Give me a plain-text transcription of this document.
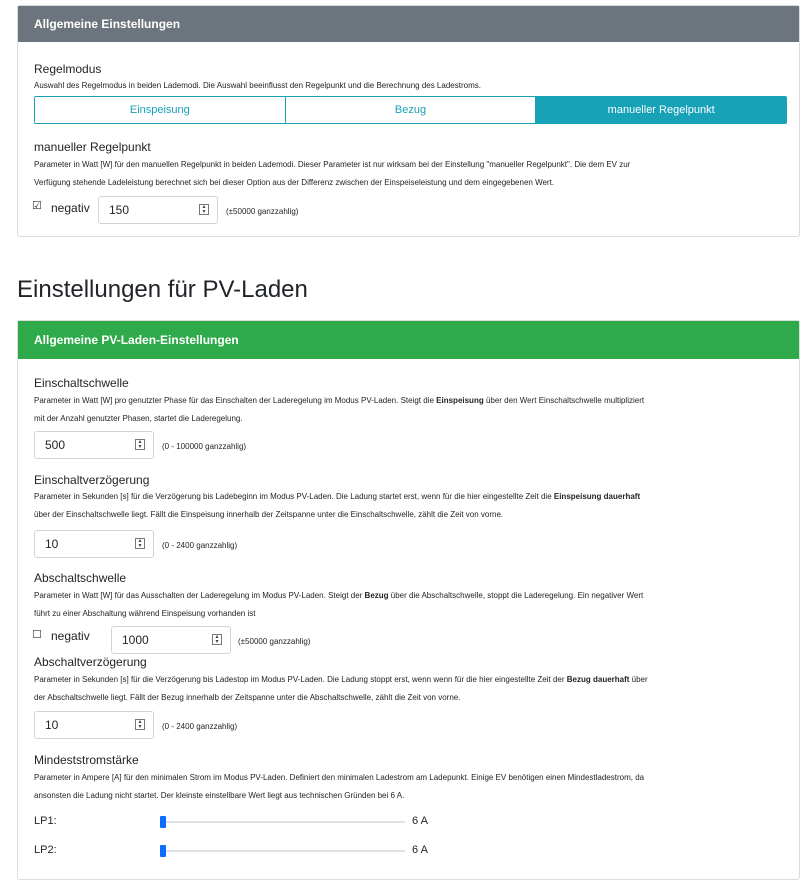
Allgemeine Einstellungen
Regelmodus
Auswahl des Regelmodus in beiden Lademodi. Die Auswahl beeinflusst den Regelpunkt und die Berechnung des Ladestroms.
Einspeisung	Bezug	manueller Regelpunkt
manueller Regelpunkt
Parameter in Watt [W] für den manuellen Regelpunkt in beiden Lademodi. Dieser Parameter ist nur wirksam bei der Einstellung "manueller Regelpunkt". Die dem EV zur
Verfügung stehende Ladeleistung berechnet sich bei dieser Option aus der Differenz zwischen der Einspeiseleistung und dem eingegebenen Wert.
☑ negativ	150	▴
▾	(±50000 ganzzahlig)
Einstellungen für PV-Laden
Allgemeine PV-Laden-Einstellungen
Einschaltschwelle
Parameter in Watt [W] pro genutzter Phase für das Einschalten der Laderegelung im Modus PV-Laden. Steigt die Einspeisung über den Wert Einschaltschwelle multipliziert
mit der Anzahl genutzter Phasen, startet die Laderegelung.
500	▴
▾	(0 - 100000 ganzzahlig)
Einschaltverzögerung
Parameter in Sekunden [s] für die Verzögerung bis Ladebeginn im Modus PV-Laden. Die Ladung startet erst, wenn für die hier eingestellte Zeit die Einspeisung dauerhaft
über der Einschaltschwelle liegt. Fällt die Einspeisung innerhalb der Zeitspanne unter die Einschaltschwelle, zählt die Zeit von vorne.
10	▴
▾	(0 - 2400 ganzzahlig)
Abschaltschwelle
Parameter in Watt [W] für das Ausschalten der Laderegelung im Modus PV-Laden. Steigt der Bezug über die Abschaltschwelle, stoppt die Laderegelung. Ein negativer Wert
führt zu einer Abschaltung während Einspeisung vorhanden ist
☐ negativ	1000	▴
▾	(±50000 ganzzahlig)
Abschaltverzögerung
Parameter in Sekunden [s] für die Verzögerung bis Ladestop im Modus PV-Laden. Die Ladung stoppt erst, wenn wenn für die hier eingestellte Zeit der Bezug dauerhaft über
der Abschaltschwelle liegt. Fällt der Bezug innerhalb der Zeitspanne unter die Abschaltschwelle, zählt die Zeit von vorne.
10	▴
▾	(0 - 2400 ganzzahlig)
Mindeststromstärke
Parameter in Ampere [A] für den minimalen Strom im Modus PV-Laden. Definiert den minimalen Ladestrom am Ladepunkt. Einige EV benötigen einen Mindestladestrom, da
ansonsten die Ladung nicht startet. Der kleinste einstellbare Wert liegt aus technischen Gründen bei 6 A.
LP1:	6 A
LP2:	6 A
